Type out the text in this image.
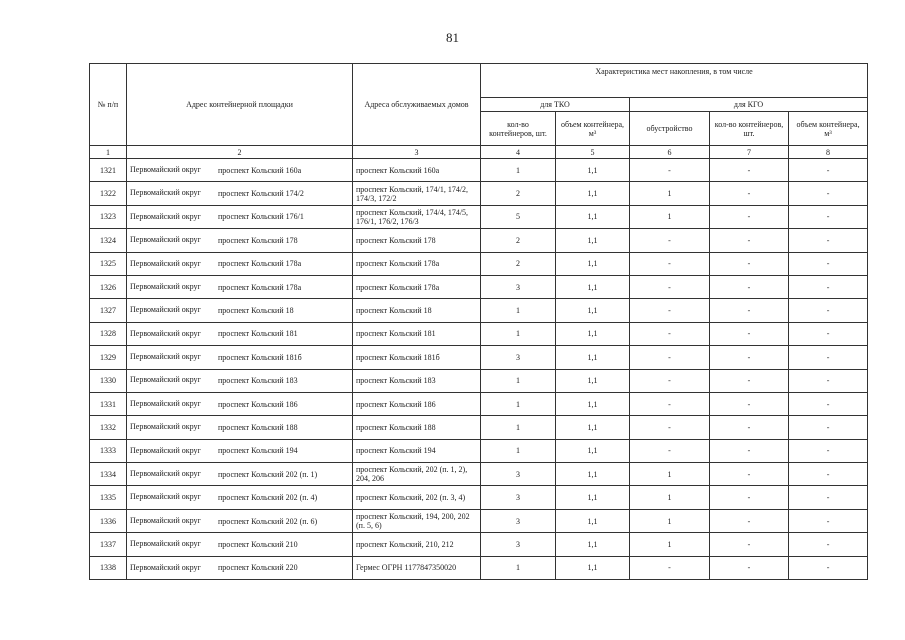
81
№ п/п	Адрес контейнерной площадки	Адреса обслуживаемых домов	Характеристика мест накопления, в том числе				
			для ТКО		для КГО		
			кол-во контейнеров, шт.	объем контейнера, м³	обустройство	кол-во контейнеров, шт.	объем контейнера, м³
1	2	3	4	5	6	7	8
1321	Первомайский округ проспект Кольский 160а	проспект Кольский 160а	1	1,1	-	-	-
1322	Первомайский округ проспект Кольский 174/2	проспект Кольский, 174/1, 174/2, 174/3, 172/2	2	1,1	1	-	-
1323	Первомайский округ проспект Кольский 176/1	проспект Кольский, 174/4, 174/5, 176/1, 176/2, 176/3	5	1,1	1	-	-
1324	Первомайский округ проспект Кольский 178	проспект Кольский 178	2	1,1	-	-	-
1325	Первомайский округ проспект Кольский 178а	проспект Кольский 178а	2	1,1	-	-	-
1326	Первомайский округ проспект Кольский 178а	проспект Кольский 178а	3	1,1	-	-	-
1327	Первомайский округ проспект Кольский 18	проспект Кольский 18	1	1,1	-	-	-
1328	Первомайский округ проспект Кольский 181	проспект Кольский 181	1	1,1	-	-	-
1329	Первомайский округ проспект Кольский 181б	проспект Кольский 181б	3	1,1	-	-	-
1330	Первомайский округ проспект Кольский 183	проспект Кольский 183	1	1,1	-	-	-
1331	Первомайский округ проспект Кольский 186	проспект Кольский 186	1	1,1	-	-	-
1332	Первомайский округ проспект Кольский 188	проспект Кольский 188	1	1,1	-	-	-
1333	Первомайский округ проспект Кольский 194	проспект Кольский 194	1	1,1	-	-	-
1334	Первомайский округ проспект Кольский 202 (п. 1)	проспект Кольский, 202 (п. 1, 2), 204, 206	3	1,1	1	-	-
1335	Первомайский округ проспект Кольский 202 (п. 4)	проспект Кольский, 202 (п. 3, 4)	3	1,1	1	-	-
1336	Первомайский округ проспект Кольский 202 (п. 6)	проспект Кольский, 194, 200, 202 (п. 5, 6)	3	1,1	1	-	-
1337	Первомайский округ проспект Кольский 210	проспект Кольский, 210, 212	3	1,1	1	-	-
1338	Первомайский округ проспект Кольский 220	Гермес ОГРН 1177847350020	1	1,1	-	-	-
